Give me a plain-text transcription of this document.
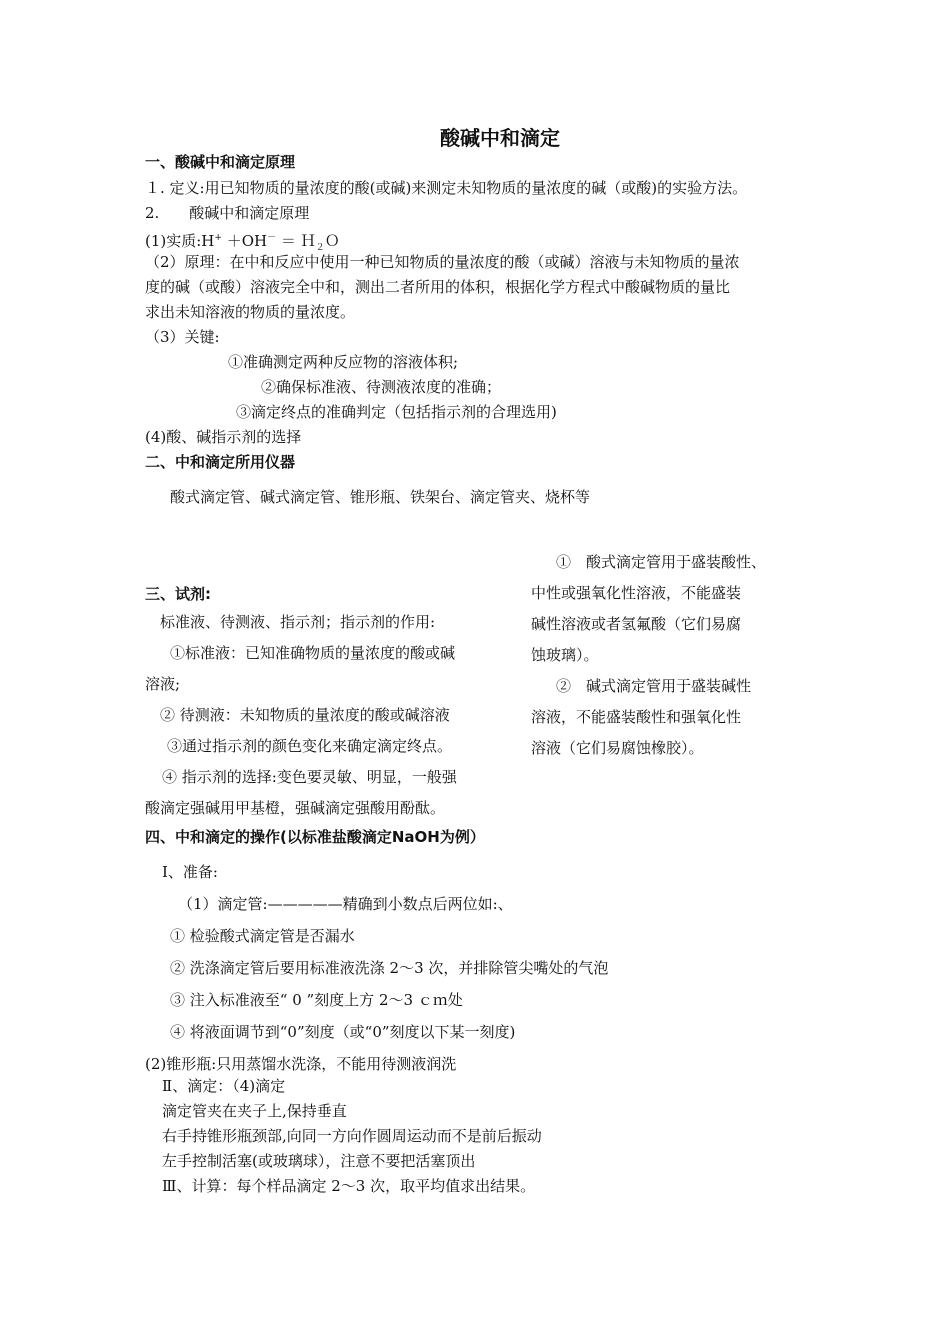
酸碱中和滴定
一、酸碱中和滴定原理
１. 定义:用已知物质的量浓度的酸(或碱)来测定未知物质的量浓度的碱（或酸)的实验方法。
2.　　酸碱中和滴定原理
(1)实质:H+ ＋OH－ ＝ Ｈ$_2$Ｏ
（2）原理：在中和反应中使用一种已知物质的量浓度的酸（或碱）溶液与未知物质的量浓
度的碱（或酸）溶液完全中和，测出二者所用的体积，根据化学方程式中酸碱物质的量比
求出未知溶液的物质的量浓度。
（3）关键:
①准确测定两种反应物的溶液体积;
②确保标准液、待测液浓度的准确；
③滴定终点的准确判定（包括指示剂的合理选用)
(4)酸、碱指示剂的选择
二、中和滴定所用仪器
酸式滴定管、碱式滴定管、锥形瓶、铁架台、滴定管夹、烧杯等
三、试剂:
标准液、待测液、指示剂；指示剂的作用:
①标准液：已知准确物质的量浓度的酸或碱
溶液;
② 待测液：未知物质的量浓度的酸或碱溶液
③通过指示剂的颜色变化来确定滴定终点。
④ 指示剂的选择:变色要灵敏、明显，一般强
酸滴定强碱用甲基橙，强碱滴定强酸用酚酞。
①　酸式滴定管用于盛装酸性、
中性或强氧化性溶液，不能盛装
碱性溶液或者氢氟酸（它们易腐
蚀玻璃）。
②　碱式滴定管用于盛装碱性
溶液，不能盛装酸性和强氧化性
溶液（它们易腐蚀橡胶）。
四、中和滴定的操作(以标准盐酸滴定NaOH为例）
Ⅰ、准备:
（1）滴定管:—————精确到小数点后两位如:、
① 检验酸式滴定管是否漏水
② 洗涤滴定管后要用标准液洗涤 2～3 次，并排除管尖嘴处的气泡
③ 注入标准液至“ 0 ”刻度上方 2～3 ｃｍ处
④ 将液面调节到“0”刻度（或“0”刻度以下某一刻度)
(2)锥形瓶:只用蒸馏水洗涤，不能用待测液润洗
Ⅱ、滴定：（4)滴定
滴定管夹在夹子上,保持垂直
右手持锥形瓶颈部,向同一方向作圆周运动而不是前后振动
左手控制活塞(或玻璃球），注意不要把活塞顶出
Ⅲ、计算：每个样品滴定 2～3 次，取平均值求出结果。
